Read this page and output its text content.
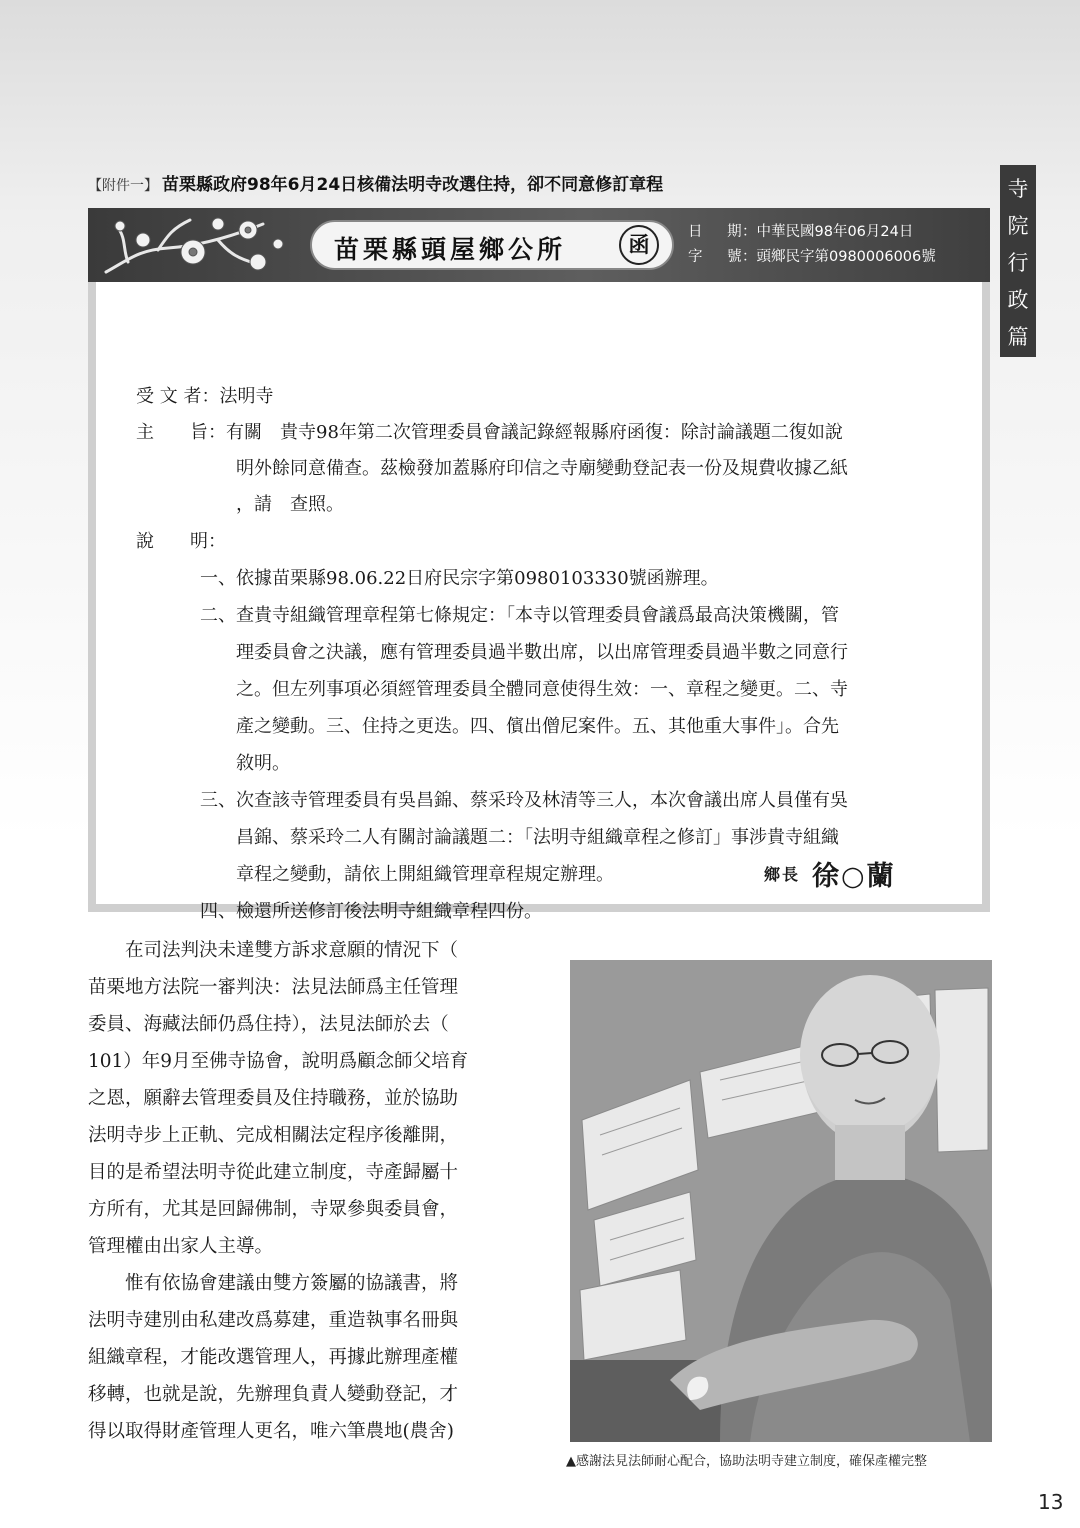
【附件一】 苗栗縣政府98年6月24日核備法明寺改選住持，卻不同意修訂章程	寺
院
行
政
篇
苗栗縣頭屋鄉公所	函	日 期：中華民國98年06月24日
字 號：頭鄉民字第0980006006號
受 文 者：法明寺
主　　旨：有關　貴寺98年第二次管理委員會議記錄經報縣府函復：除討論議題二復如說
明外餘同意備查。茲檢發加蓋縣府印信之寺廟變動登記表一份及規費收據乙紙
，請　查照。
說　　明：
一、依據苗栗縣98.06.22日府民宗字第0980103330號函辦理。
二、查貴寺組織管理章程第七條規定：「本寺以管理委員會議爲最高決策機關，管
理委員會之決議，應有管理委員過半數出席，以出席管理委員過半數之同意行
之。但左列事項必須經管理委員全體同意使得生效：一、章程之變更。二、寺
產之變動。三、住持之更迭。四、儐出僧尼案件。五、其他重大事件」。合先
敘明。
三、次查該寺管理委員有吳昌錦、蔡采玲及林清等三人，本次會議出席人員僅有吳
昌錦、蔡采玲二人有關討論議題二：「法明寺組織章程之修訂」事涉貴寺組織
章程之變動，請依上開組織管理章程規定辦理。
四、檢還所送修訂後法明寺組織章程四份。
鄉長 徐○蘭

　　在司法判決未達雙方訴求意願的情況下（

苗栗地方法院一審判決：法見法師爲主任管理

委員、海藏法師仍爲住持），法見法師於去（

101）年9月至佛寺協會，說明爲顧念師父培育

之恩，願辭去管理委員及住持職務，並於協助

法明寺步上正軌、完成相關法定程序後離開，

目的是希望法明寺從此建立制度，寺產歸屬十

方所有，尤其是回歸佛制，寺眾參與委員會，

管理權由出家人主導。

　　惟有依協會建議由雙方簽屬的協議書，將

法明寺建別由私建改爲募建，重造執事名冊與

組織章程，才能改選管理人，再據此辦理產權

移轉，也就是說，先辦理負責人變動登記，才

得以取得財產管理人更名，唯六筆農地(農舍)

▲感謝法見法師耐心配合，協助法明寺建立制度，確保產權完整
13
